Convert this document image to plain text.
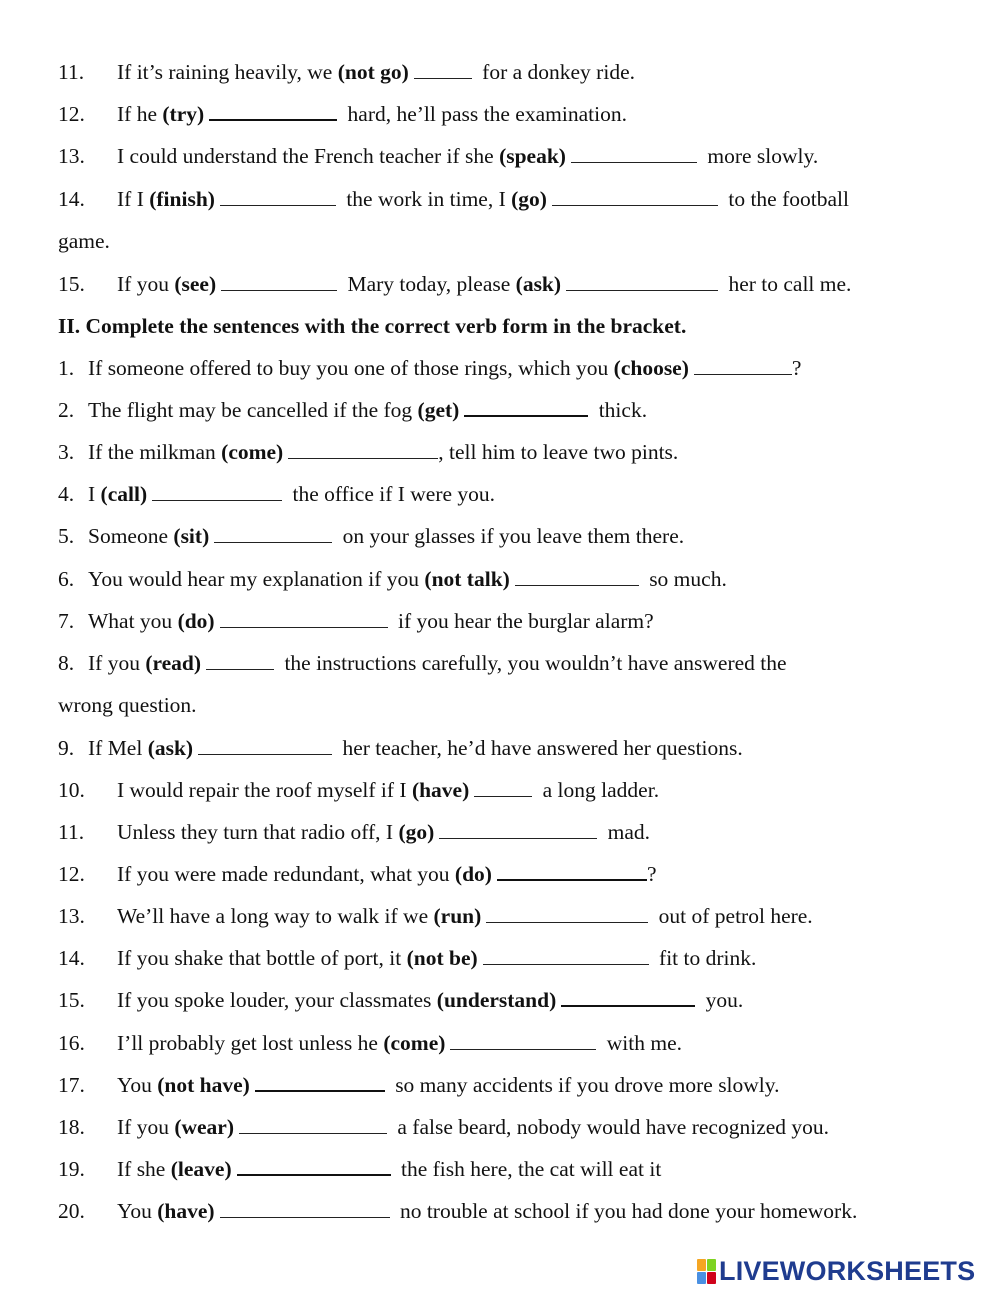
11. If it’s raining heavily, we (not go)	for a donkey ride.
12. If he (try)	hard, he’ll pass the examination.
13. I could understand the French teacher if she (speak)	more slowly.
14. If I (finish)	the work in time, I (go)	to the football
game.
15. If you (see)	Mary today, please (ask)	her to call me.
II. Complete the sentences with the correct verb form in the bracket.
1. If someone offered to buy you one of those rings, which you (choose)	?
2. The flight may be cancelled if the fog (get)	thick.
3. If the milkman (come)	, tell him to leave two pints.
4. I (call)	the office if I were you.
5. Someone (sit)	on your glasses if you leave them there.
6. You would hear my explanation if you (not talk)	so much.
7. What you (do)	if you hear the burglar alarm?
8. If you (read)	the instructions carefully, you wouldn’t have answered the
wrong question.
9. If Mel (ask)	her teacher, he’d have answered her questions.
10. I would repair the roof myself if I (have)	a long ladder.
11. Unless they turn that radio off, I (go)	mad.
12. If you were made redundant, what you (do)	?
13. We’ll have a long way to walk if we (run)	out of petrol here.
14. If you shake that bottle of port, it (not be)	fit to drink.
15. If you spoke louder, your classmates (understand)	you.
16. I’ll probably get lost unless he (come)	with me.
17. You (not have)	so many accidents if you drove more slowly.
18. If you (wear)	a false beard, nobody would have recognized you.
19. If she (leave)	the fish here, the cat will eat it
20. You (have)	no trouble at school if you had done your homework.
LIVEWORKSHEETS
